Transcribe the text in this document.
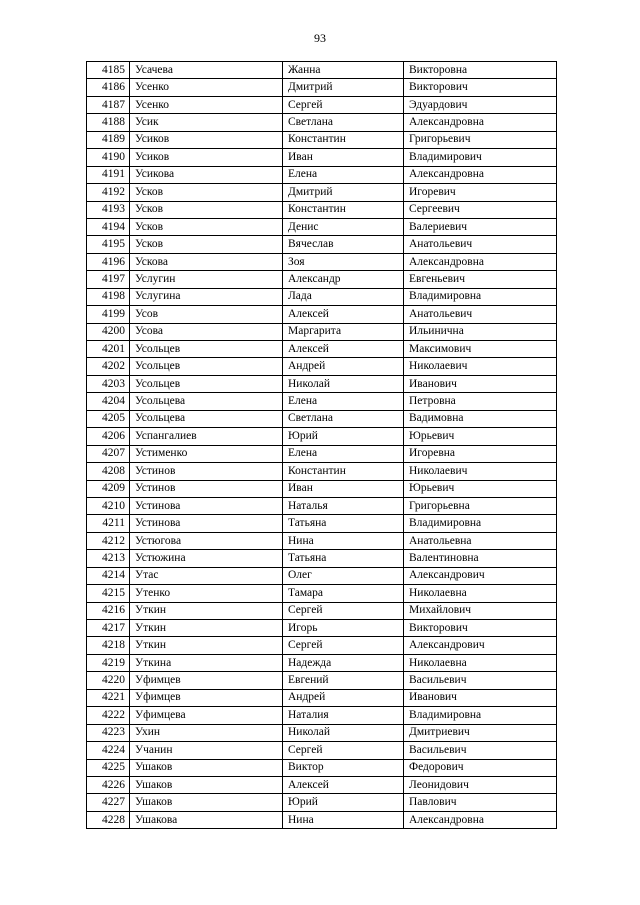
93
4185	Усачева	Жанна	Викторовна
4186	Усенко	Дмитрий	Викторович
4187	Усенко	Сергей	Эдуардович
4188	Усик	Светлана	Александровна
4189	Усиков	Константин	Григорьевич
4190	Усиков	Иван	Владимирович
4191	Усикова	Елена	Александровна
4192	Усков	Дмитрий	Игоревич
4193	Усков	Константин	Сергеевич
4194	Усков	Денис	Валериевич
4195	Усков	Вячеслав	Анатольевич
4196	Ускова	Зоя	Александровна
4197	Услугин	Александр	Евгеньевич
4198	Услугина	Лада	Владимировна
4199	Усов	Алексей	Анатольевич
4200	Усова	Маргарита	Ильинична
4201	Усольцев	Алексей	Максимович
4202	Усольцев	Андрей	Николаевич
4203	Усольцев	Николай	Иванович
4204	Усольцева	Елена	Петровна
4205	Усольцева	Светлана	Вадимовна
4206	Успангалиев	Юрий	Юрьевич
4207	Устименко	Елена	Игоревна
4208	Устинов	Константин	Николаевич
4209	Устинов	Иван	Юрьевич
4210	Устинова	Наталья	Григорьевна
4211	Устинова	Татьяна	Владимировна
4212	Устюгова	Нина	Анатольевна
4213	Устюжина	Татьяна	Валентиновна
4214	Утас	Олег	Александрович
4215	Утенко	Тамара	Николаевна
4216	Уткин	Сергей	Михайлович
4217	Уткин	Игорь	Викторович
4218	Уткин	Сергей	Александрович
4219	Уткина	Надежда	Николаевна
4220	Уфимцев	Евгений	Васильевич
4221	Уфимцев	Андрей	Иванович
4222	Уфимцева	Наталия	Владимировна
4223	Ухин	Николай	Дмитриевич
4224	Учанин	Сергей	Васильевич
4225	Ушаков	Виктор	Федорович
4226	Ушаков	Алексей	Леонидович
4227	Ушаков	Юрий	Павлович
4228	Ушакова	Нина	Александровна
